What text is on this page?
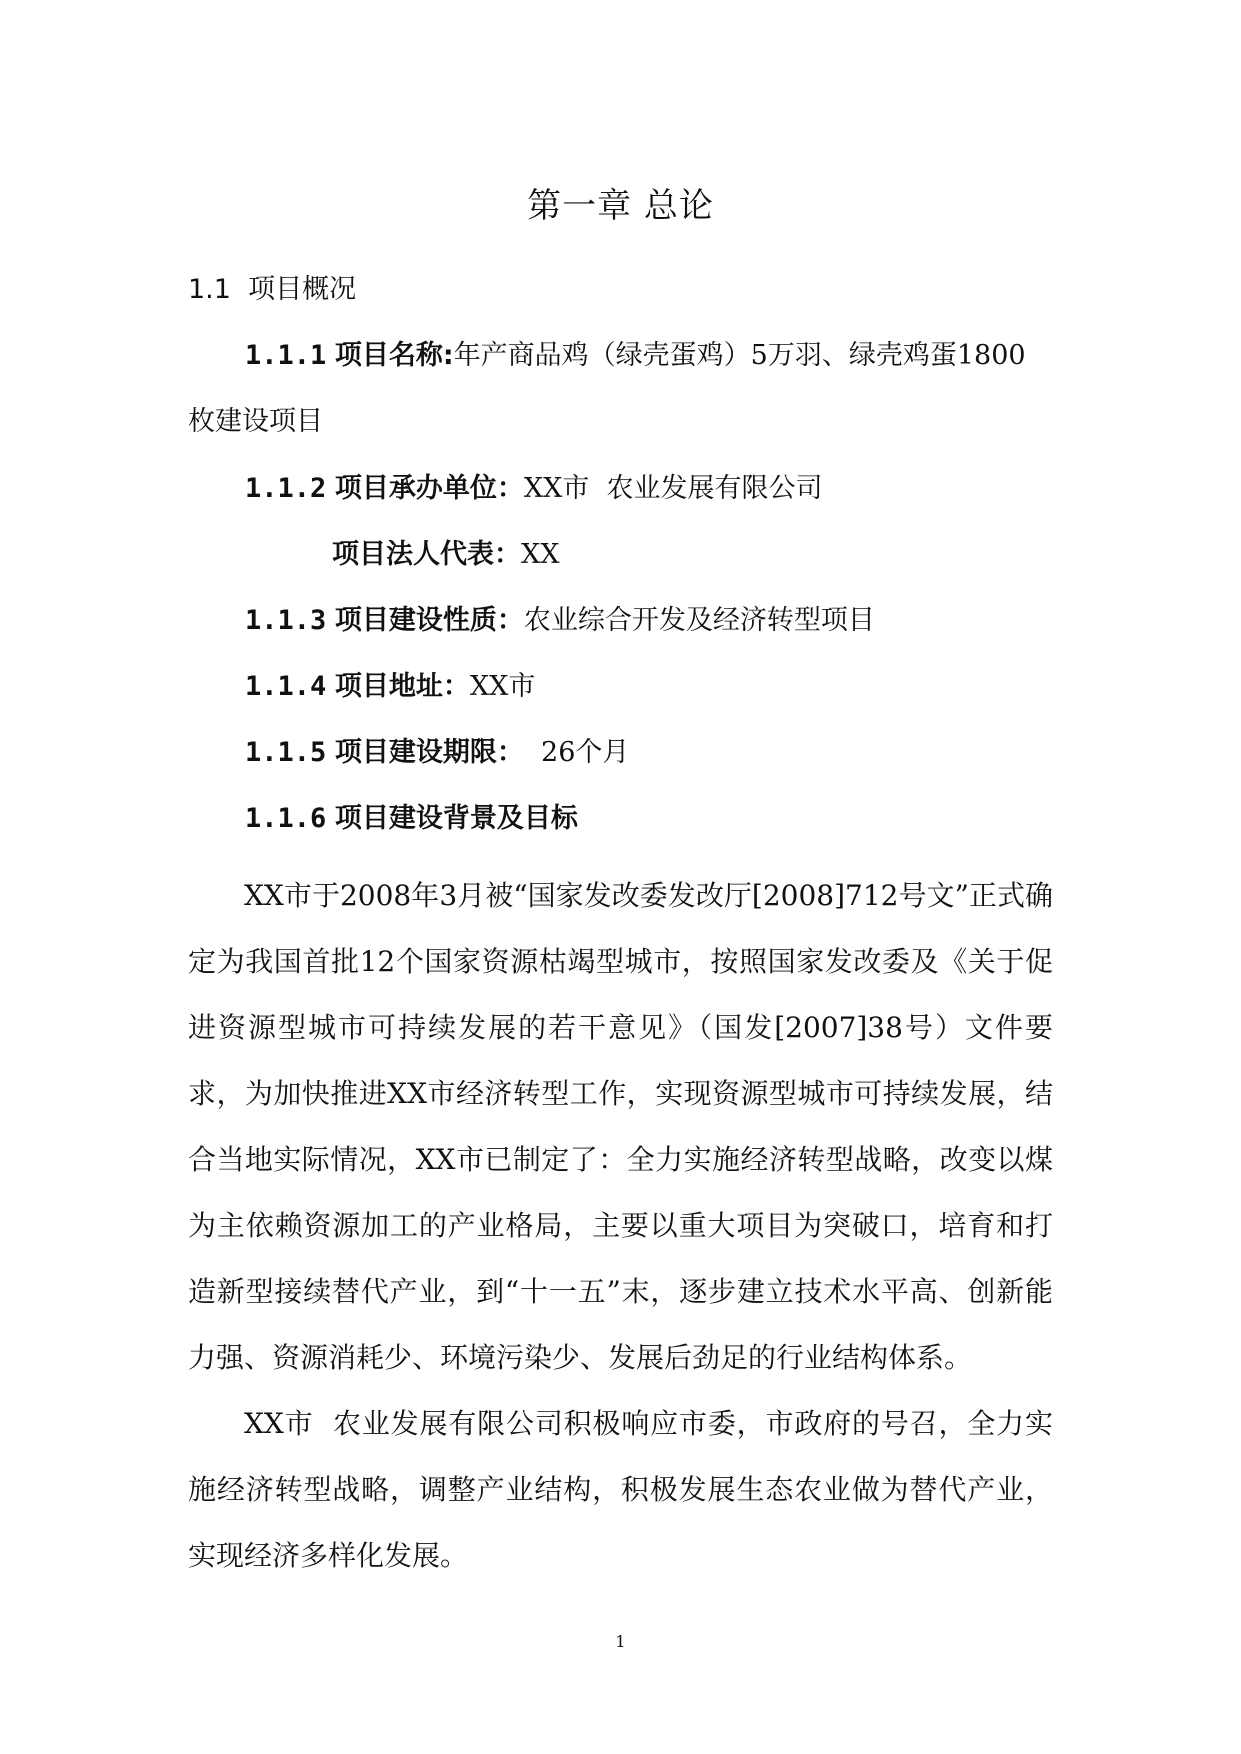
第一章 总论
1.1 项目概况
1.1.1 项目名称:年产商品鸡（绿壳蛋鸡）5万羽、绿壳鸡蛋1800
枚建设项目
1.1.2 项目承办单位：XX市  农业发展有限公司
项目法人代表：XX
1.1.3 项目建设性质：农业综合开发及经济转型项目
1.1.4 项目地址：XX市
1.1.5 项目建设期限： 26个月
1.1.6 项目建设背景及目标
XX市于2008年3月被“国家发改委发改厅[2008]712号文”正式确定为我国首批12个国家资源枯竭型城市，按照国家发改委及《关于促进资源型城市可持续发展的若干意见》（国发[2007]38号）文件要求，为加快推进XX市经济转型工作，实现资源型城市可持续发展，结合当地实际情况，XX市已制定了：全力实施经济转型战略，改变以煤为主依赖资源加工的产业格局，主要以重大项目为突破口，培育和打造新型接续替代产业，到“十一五”末，逐步建立技术水平高、创新能力强、资源消耗少、环境污染少、发展后劲足的行业结构体系。
XX市  农业发展有限公司积极响应市委，市政府的号召，全力实施经济转型战略，调整产业结构，积极发展生态农业做为替代产业，实现经济多样化发展。
1
